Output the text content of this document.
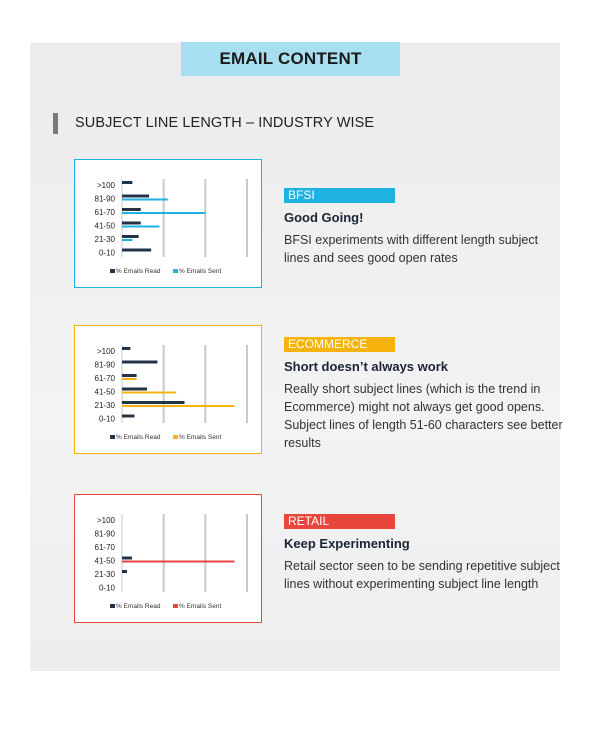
EMAIL CONTENT
SUBJECT LINE LENGTH – INDUSTRY WISE
>100
81-90
61-70
41-50
21-30
0-10
% Emails Read	% Emails Sent
>100
81-90
61-70
41-50
21-30
0-10
% Emails Read	% Emails Sent
>100
81-90
61-70
41-50
21-30
0-10
% Emails Read	% Emails Sent
BFSI
Good Going!

BFSI experiments with different length subject lines and sees good open rates

ECOMMERCE
Short doesn’t always work

Really short subject lines (which is the trend in Ecommerce) might not always get good opens. Subject lines of length 51-60 characters see better results

RETAIL
Keep Experimenting

Retail sector seen to be sending repetitive subject lines without experimenting subject line length
